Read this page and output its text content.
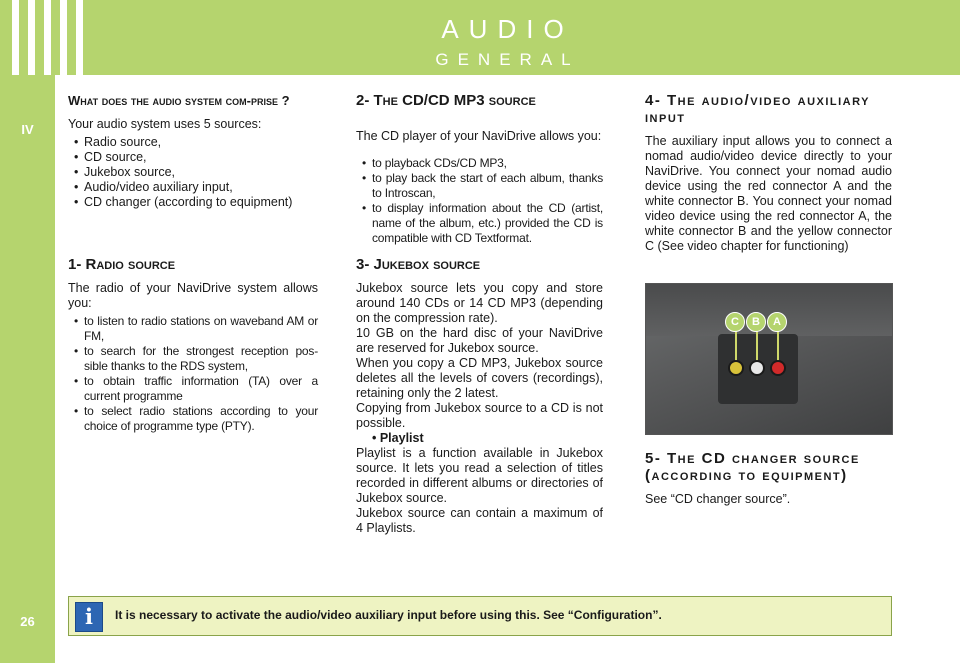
AUDIO
GENERAL
IV
26
What does the audio system com-prise ?

Your audio system uses 5 sources:

• Radio source,
• CD source,
• Jukebox source,
• Audio/video auxiliary input,
• CD changer (according to equipment)
1- Radio source

The radio of your NaviDrive system allows you:

• to listen to radio stations on waveband AM or FM,
• to search for the strongest reception pos-sible thanks to the RDS system,
• to obtain traffic information (TA) over a current programme
• to select radio stations according to your choice of programme type (PTY).
2- The CD/CD MP3 source

The CD player of your NaviDrive allows you:

• to playback CDs/CD MP3,
• to play back the start of each album, thanks to Introscan,
• to display information about the CD (artist, name of the album, etc.) provided the CD is compatible with CD Textformat.
3- Jukebox source

Jukebox source lets you copy and store around 140 CDs or 14 CD MP3 (depending on the compression rate).

10 GB on the hard disc of your NaviDrive are reserved for Jukebox source.

When you copy a CD MP3, Jukebox source deletes all the levels of covers (recordings), retaining only the 2 latest.

Copying from Jukebox source to a CD is not possible.

• Playlist

Playlist is a function available in Jukebox source. It lets you read a selection of titles recorded in different albums or directories of Jukebox source.

Jukebox source can contain a maximum of 4 Playlists.

4- The audio/video auxiliary input

The auxiliary input allows you to connect a nomad audio/video device directly to your NaviDrive. You connect your nomad audio device using the red connector A and the white connector B. You connect your nomad video device using the red connector A, the white connector B and the yellow connector C (See video chapter for functioning)

C	B	A
5- The CD changer source (according to equipment)

See “CD changer source”.

i	It is necessary to activate the audio/video auxiliary input before using this. See “Configuration”.
